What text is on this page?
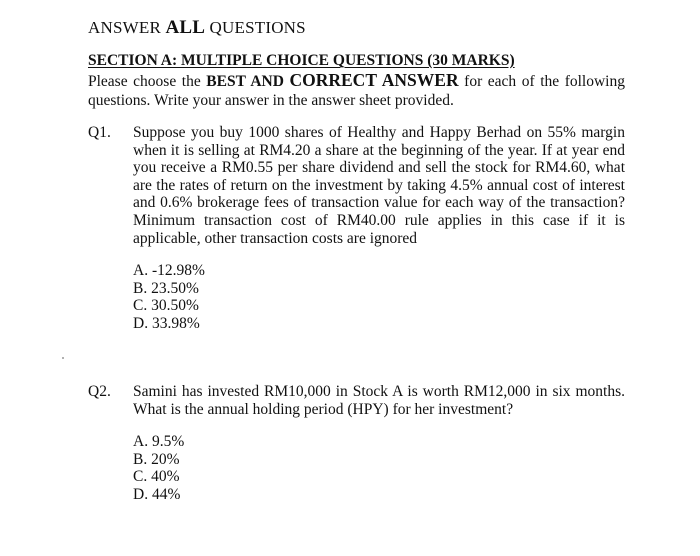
ANSWER ALL QUESTIONS
SECTION A: MULTIPLE CHOICE QUESTIONS (30 MARKS)
Please choose the BEST AND CORRECT ANSWER for each of the following questions. Write your answer in the answer sheet provided.
Q1. Suppose you buy 1000 shares of Healthy and Happy Berhad on 55% margin when it is selling at RM4.20 a share at the beginning of the year. If at year end you receive a RM0.55 per share dividend and sell the stock for RM4.60, what are the rates of return on the investment by taking 4.5% annual cost of interest and 0.6% brokerage fees of transaction value for each way of the transaction? Minimum transaction cost of RM40.00 rule applies in this case if it is applicable, other transaction costs are ignored
A. -12.98%
B. 23.50%
C. 30.50%
D. 33.98%
Q2. Samini has invested RM10,000 in Stock A is worth RM12,000 in six months. What is the annual holding period (HPY) for her investment?
A. 9.5%
B. 20%
C. 40%
D. 44%
